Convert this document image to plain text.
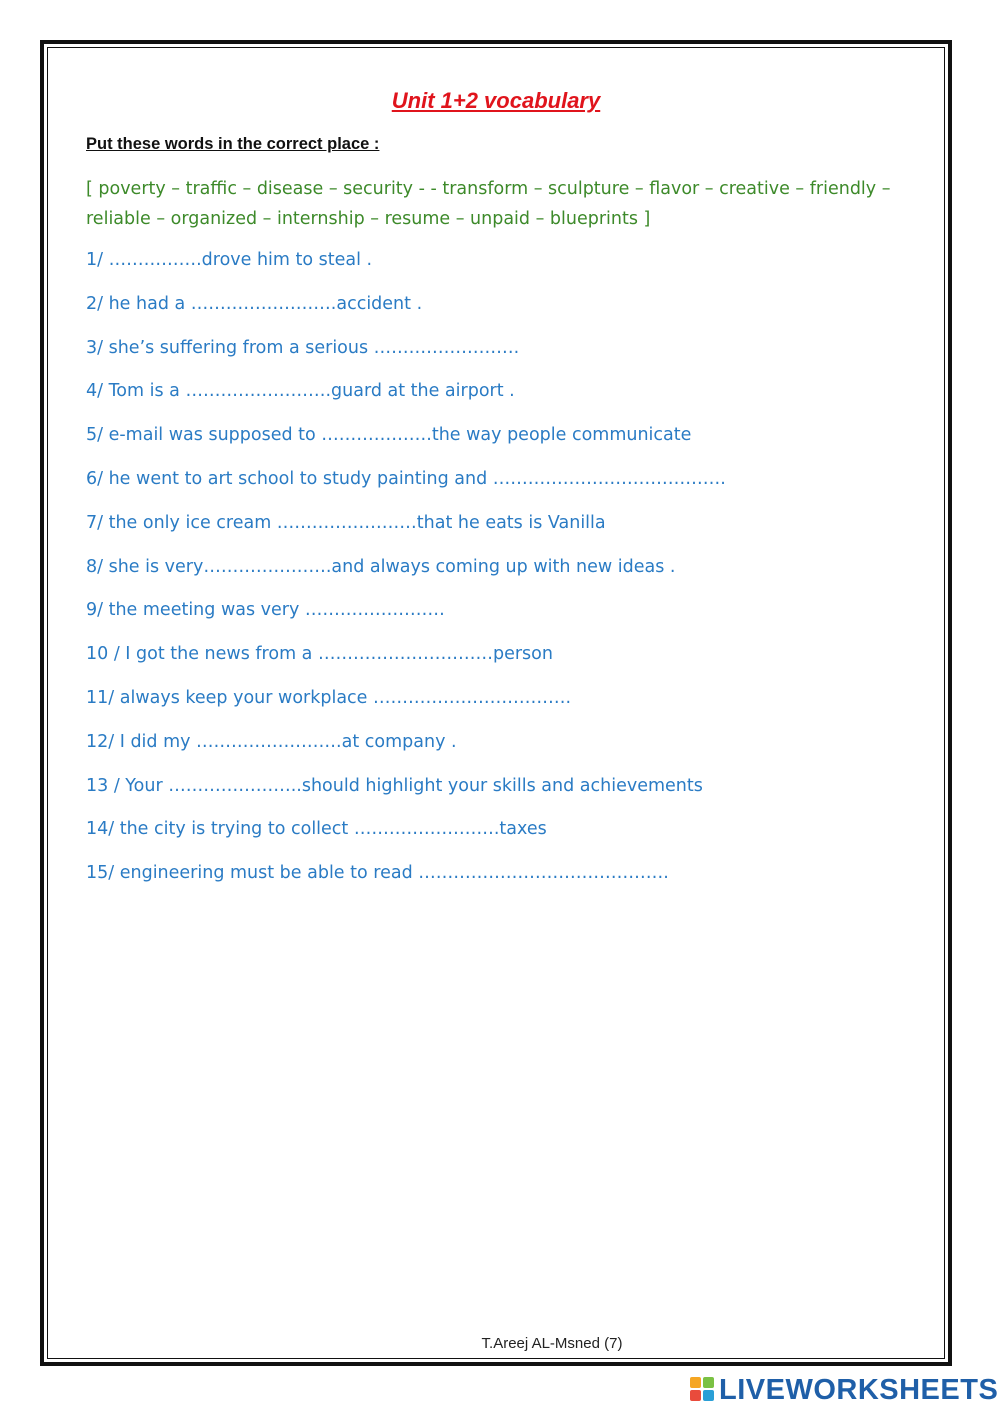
Unit 1+2 vocabulary
Put these words in the correct place :
[ poverty – traffic – disease – security - - transform – sculpture – flavor – creative – friendly – reliable – organized – internship – resume – unpaid – blueprints ]
1/ …………….drove him to steal .
2/ he had a …………………….accident .
3/ she’s suffering from a serious …………………….
4/ Tom is a …………………….guard at the airport .
5/ e-mail was supposed to ……………….the way people communicate
6/ he went to art school to study painting and ………………………………….
7/ the only ice cream ……………………that he eats is Vanilla
8/ she is very………………….and always coming up with new ideas .
9/ the meeting was very ……………………
10 / I got the news from a …………………………person
11/ always keep your workplace …………………………….
12/ I did my …………………….at company .
13 / Your …………………..should highlight your skills and achievements
14/ the city is trying to collect …………………….taxes
15/ engineering must be able to read …………………………………….
T.Areej AL-Msned (7)
LIVEWORKSHEETS
